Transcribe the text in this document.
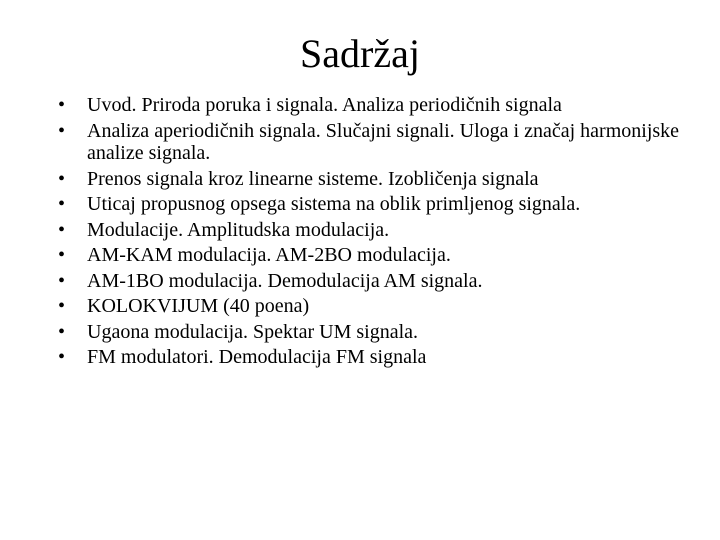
Sadržaj
• Uvod. Priroda poruka i signala. Analiza periodičnih signala
• Analiza aperiodičnih signala. Slučajni signali. Uloga i značaj harmonijske analize signala.
• Prenos signala kroz linearne sisteme. Izobličenja signala
• Uticaj propusnog opsega sistema na oblik primljenog signala.
• Modulacije. Amplitudska modulacija.
• AM-KAM modulacija. AM-2BO modulacija.
• AM-1BO modulacija. Demodulacija AM signala.
• KOLOKVIJUM (40 poena)
• Ugaona modulacija. Spektar UM signala.
• FM modulatori. Demodulacija FM signala
